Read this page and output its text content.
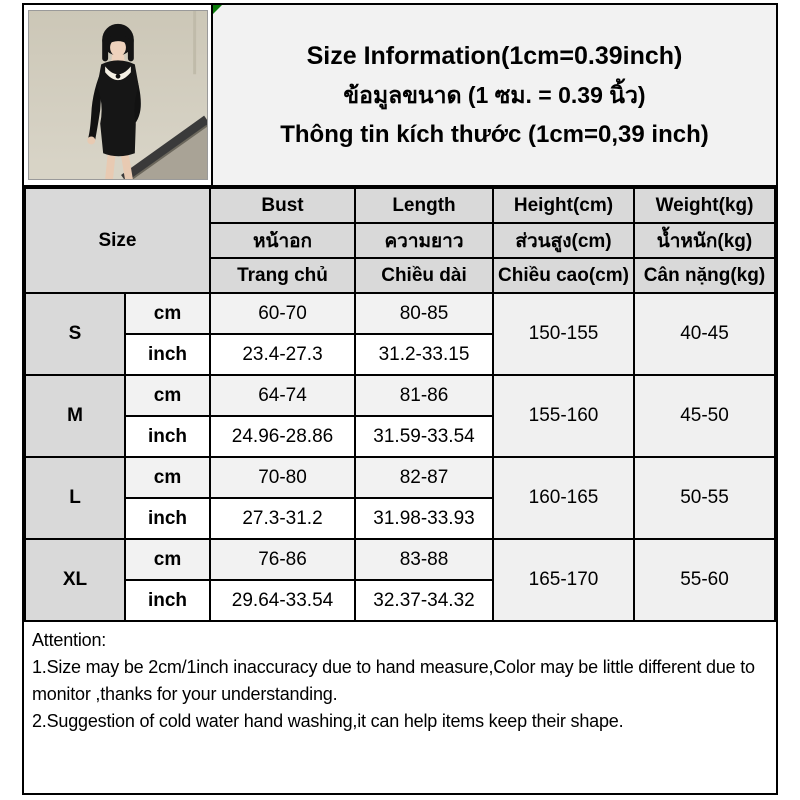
Size Information(1cm=0.39inch)
ข้อมูลขนาด (1 ซม. = 0.39 นิ้ว)
Thông tin kích thước (1cm=0,39 inch)
Size		Bust	Length	Height(cm)	Weight(kg)
		หน้าอก	ความยาว	ส่วนสูง(cm)	น้ำหนัก(kg)
		Trang chủ	Chiều dài	Chiều cao(cm)	Cân nặng(kg)
S	cm	60-70	80-85	150-155	40-45
	inch	23.4-27.3	31.2-33.15		
M	cm	64-74	81-86	155-160	45-50
	inch	24.96-28.86	31.59-33.54		
L	cm	70-80	82-87	160-165	50-55
	inch	27.3-31.2	31.98-33.93		
XL	cm	76-86	83-88	165-170	55-60
	inch	29.64-33.54	32.37-34.32		
Attention:
1.Size may be 2cm/1inch inaccuracy due to hand measure,Color may be little different due to monitor ,thanks for your understanding.
2.Suggestion of cold water hand washing,it can help items keep their shape.
